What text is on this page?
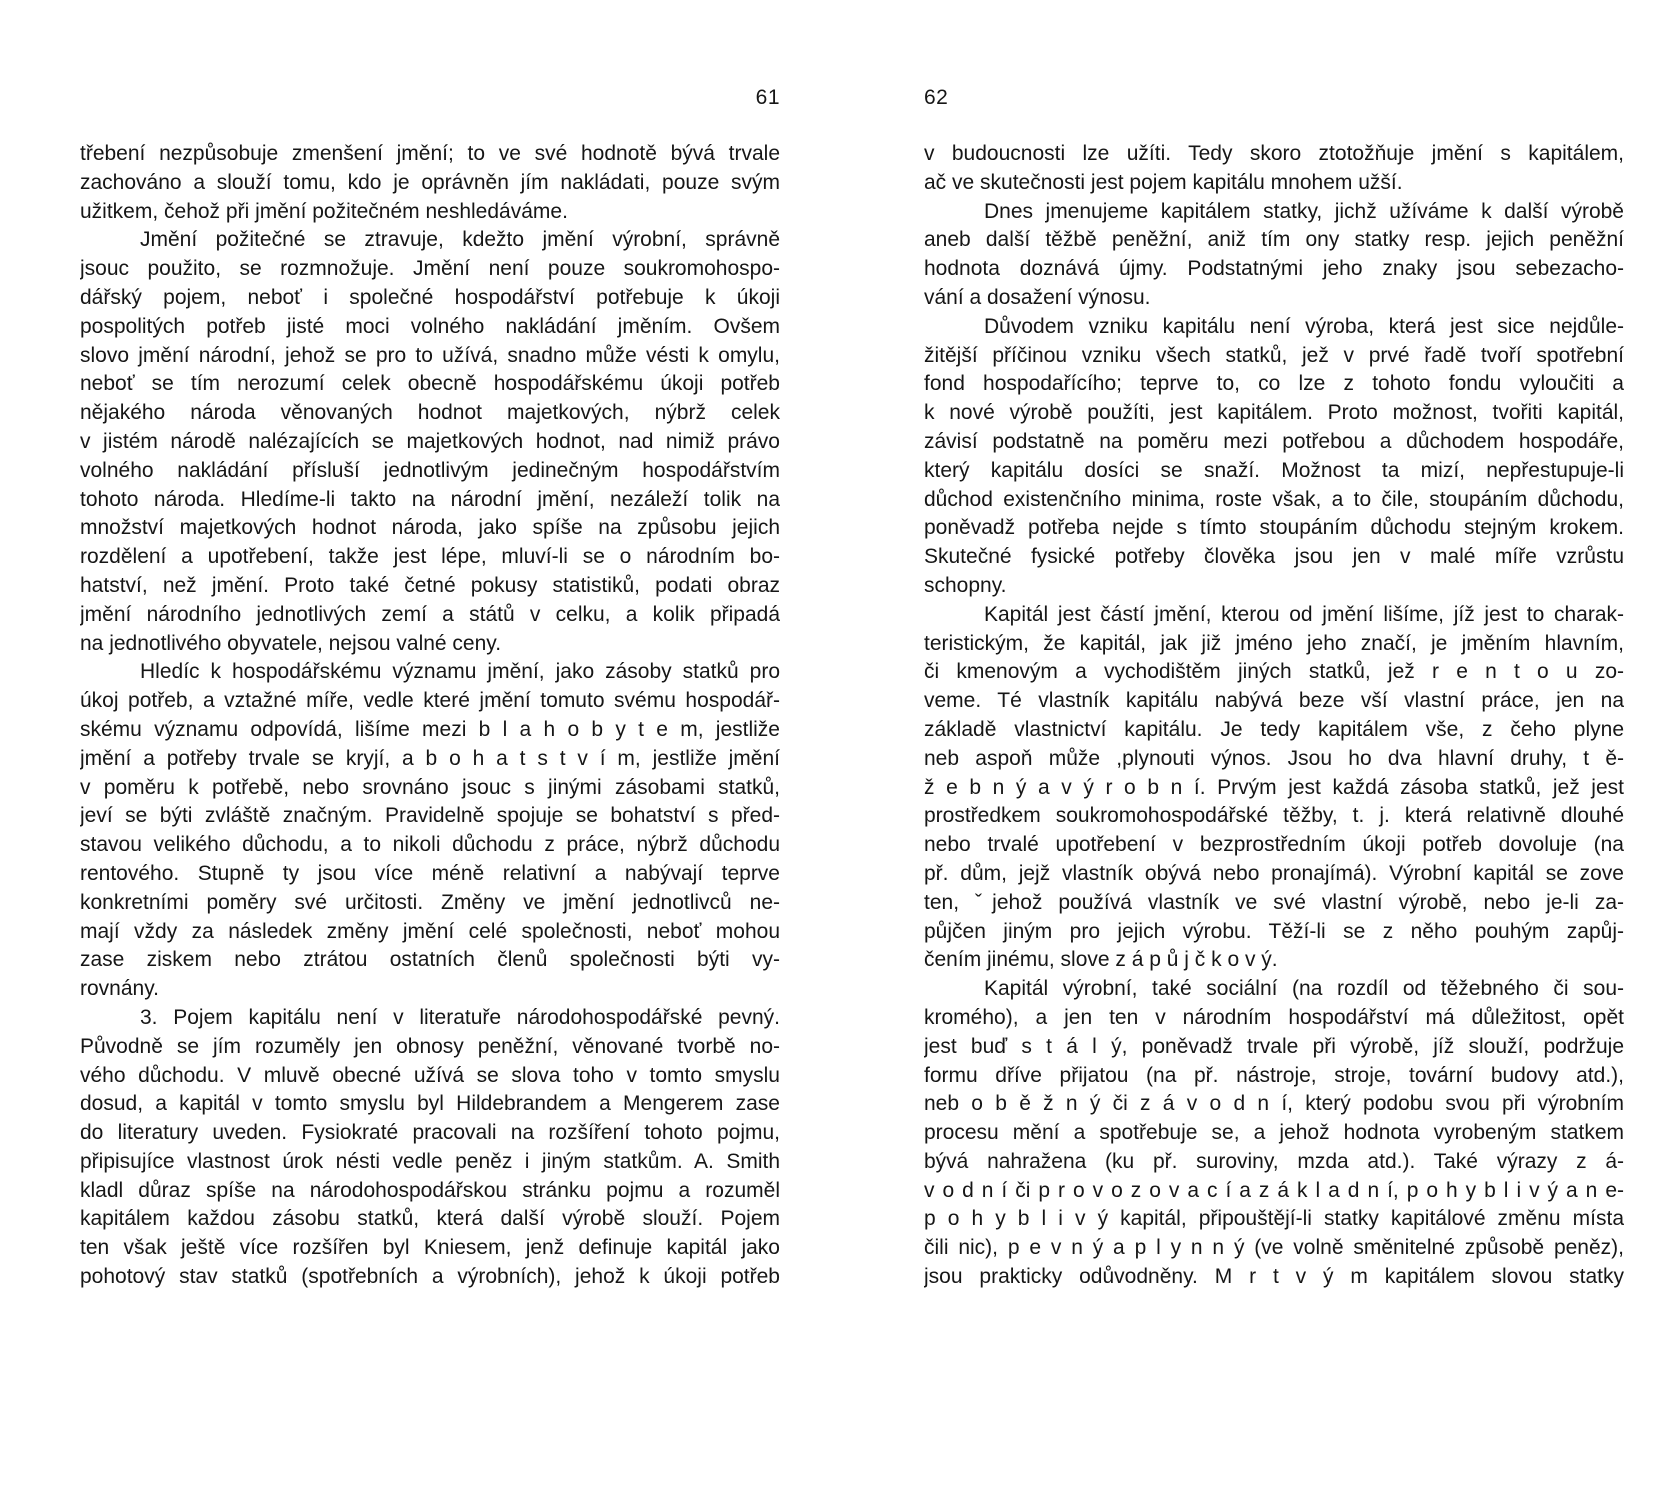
61
třebení nezpůsobuje zmenšení jmění; to ve své hodnotě bývá trvale
zachováno a slouží tomu, kdo je oprávněn jím nakládati, pouze svým
užitkem, čehož při jmění požitečném neshledáváme.
Jmění požitečné se ztravuje, kdežto jmění výrobní, správně
jsouc použito, se rozmnožuje. Jmění není pouze soukromohospo-
dářský pojem, neboť i společné hospodářství potřebuje k úkoji
pospolitých potřeb jisté moci volného nakládání jměním. Ovšem
slovo jmění národní, jehož se pro to užívá, snadno může vésti k omylu,
neboť se tím nerozumí celek obecně hospodářskému úkoji potřeb
nějakého národa věnovaných hodnot majetkových, nýbrž celek
v jistém národě nalézajících se majetkových hodnot, nad nimiž právo
volného nakládání přísluší jednotlivým jedinečným hospodářstvím
tohoto národa. Hledíme-li takto na národní jmění, nezáleží tolik na
množství majetkových hodnot národa, jako spíše na způsobu jejich
rozdělení a upotřebení, takže jest lépe, mluví-li se o národním bo-
hatství, než jmění. Proto také četné pokusy statistiků, podati obraz
jmění národního jednotlivých zemí a států v celku, a kolik připadá
na jednotlivého obyvatele, nejsou valné ceny.
Hledíc k hospodářskému významu jmění, jako zásoby statků pro
úkoj potřeb, a vztažné míře, vedle které jmění tomuto svému hospodář-
skému významu odpovídá, lišíme mezi b l a h o b y t e m, jestliže
jmění a potřeby trvale se kryjí, a b o h a t s t v í m, jestliže jmění
v poměru k potřebě, nebo srovnáno jsouc s jinými zásobami statků,
jeví se býti zvláště značným. Pravidelně spojuje se bohatství s před-
stavou velikého důchodu, a to nikoli důchodu z práce, nýbrž důchodu
rentového. Stupně ty jsou více méně relativní a nabývají teprve
konkretními poměry své určitosti. Změny ve jmění jednotlivců ne-
mají vždy za následek změny jmění celé společnosti, neboť mohou
zase ziskem nebo ztrátou ostatních členů společnosti býti vy-
rovnány.
3. Pojem kapitálu není v literatuře národohospodářské pevný.
Původně se jím rozuměly jen obnosy peněžní, věnované tvorbě no-
vého důchodu. V mluvě obecné užívá se slova toho v tomto smyslu
dosud, a kapitál v tomto smyslu byl Hildebrandem a Mengerem zase
do literatury uveden. Fysiokraté pracovali na rozšíření tohoto pojmu,
připisujíce vlastnost úrok nésti vedle peněz i jiným statkům. A. Smith
kladl důraz spíše na národohospodářskou stránku pojmu a rozuměl
kapitálem každou zásobu statků, která další výrobě slouží. Pojem
ten však ještě více rozšířen byl Kniesem, jenž definuje kapitál jako
pohotový stav statků (spotřebních a výrobních), jehož k úkoji potřeb
62
v budoucnosti lze užíti. Tedy skoro ztotožňuje jmění s kapitálem,
ač ve skutečnosti jest pojem kapitálu mnohem užší.
Dnes jmenujeme kapitálem statky, jichž užíváme k další výrobě
aneb další těžbě peněžní, aniž tím ony statky resp. jejich peněžní
hodnota doznává újmy. Podstatnými jeho znaky jsou sebezacho-
vání a dosažení výnosu.
Důvodem vzniku kapitálu není výroba, která jest sice nejdůle-
žitější příčinou vzniku všech statků, jež v prvé řadě tvoří spotřební
fond hospodařícího; teprve to, co lze z tohoto fondu vyloučiti a
k nové výrobě použíti, jest kapitálem. Proto možnost, tvořiti kapitál,
závisí podstatně na poměru mezi potřebou a důchodem hospodáře,
který kapitálu dosíci se snaží. Možnost ta mizí, nepřestupuje-li
důchod existenčního minima, roste však, a to čile, stoupáním důchodu,
poněvadž potřeba nejde s tímto stoupáním důchodu stejným krokem.
Skutečné fysické potřeby člověka jsou jen v malé míře vzrůstu
schopny.
Kapitál jest částí jmění, kterou od jmění lišíme, jíž jest to charak-
teristickým, že kapitál, jak již jméno jeho značí, je jměním hlavním,
či kmenovým a vychodištěm jiných statků, jež r e n t o u zo-
veme. Té vlastník kapitálu nabývá beze vší vlastní práce, jen na
základě vlastnictví kapitálu. Je tedy kapitálem vše, z čeho plyne
neb aspoň může ,plynouti výnos. Jsou ho dva hlavní druhy, t ě-
ž e b n ý a v ý r o b n í. Prvým jest každá zásoba statků, jež jest
prostředkem soukromohospodářské těžby, t. j. která relativně dlouhé
nebo trvalé upotřebení v bezprostředním úkoji potřeb dovoluje (na
př. dům, jejž vlastník obývá nebo pronajímá). Výrobní kapitál se zove
ten, ˇjehož používá vlastník ve své vlastní výrobě, nebo je-li za-
půjčen jiným pro jejich výrobu. Těží-li se z něho pouhým zapůj-
čením jinému, slove z á p ů j č k o v ý.
Kapitál výrobní, také sociální (na rozdíl od těžebného či sou-
kromého), a jen ten v národním hospodářství má důležitost, opět
jest buď s t á l ý, poněvadž trvale při výrobě, jíž slouží, podržuje
formu dříve přijatou (na př. nástroje, stroje, tovární budovy atd.),
neb o b ě ž n ý či z á v o d n í, který podobu svou při výrobním
procesu mění a spotřebuje se, a jehož hodnota vyrobeným statkem
bývá nahražena (ku př. suroviny, mzda atd.). Také výrazy z á-
v o d n í či p r o v o z o v a c í a z á k l a d n í, p o h y b l i v ý a n e-
p o h y b l i v ý kapitál, připouštějí-li statky kapitálové změnu místa
čili nic), p e v n ý a p l y n n ý (ve volně směnitelné způsobě peněz),
jsou prakticky odůvodněny. M r t v ý m kapitálem slovou statky
